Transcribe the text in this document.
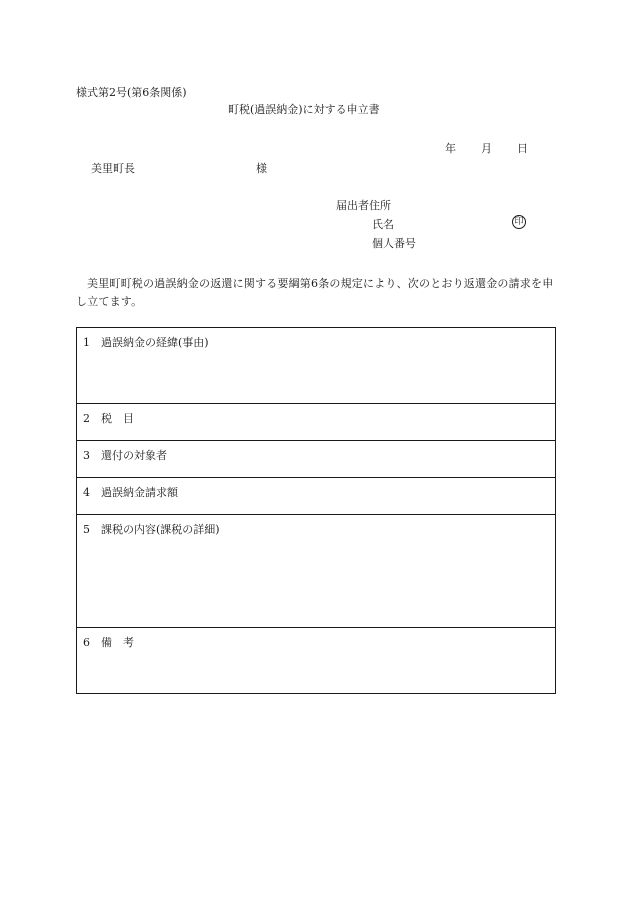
様式第2号(第6条関係)
町税(過誤納金)に対する申立書
年 月 日
美里町長	様
届出者住所
氏名	印
個人番号
美里町町税の過誤納金の返還に関する要綱第6条の規定により、次のとおり返還金の請求を申し立てます。
1 過誤納金の経緯(事由)
2 税　目
3 還付の対象者
4 過誤納金請求額
5 課税の内容(課税の詳細)
6 備　考
